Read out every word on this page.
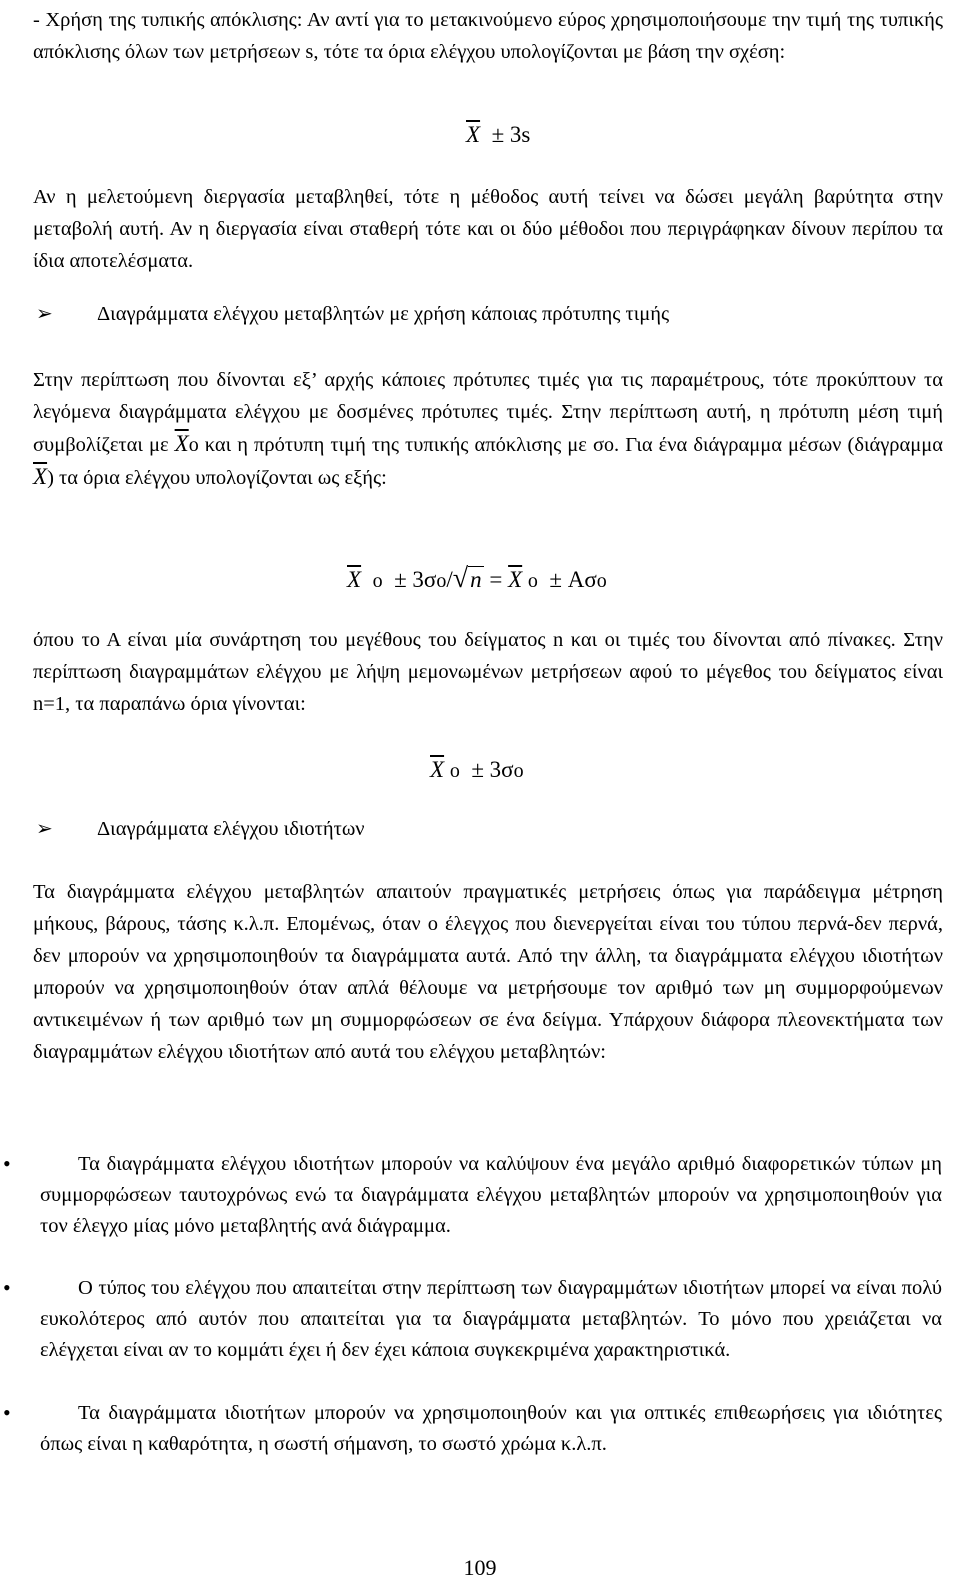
- Χρήση της τυπικής απόκλισης: Αν αντί για το μετακινούμενο εύρος χρησιμοποιήσουμε την τιμή της τυπικής απόκλισης όλων των μετρήσεων s, τότε τα όρια ελέγχου υπολογίζονται με βάση την σχέση:

$\overline{X} \pm 3s$

Αν η μελετούμενη διεργασία μεταβληθεί, τότε η μέθοδος αυτή τείνει να δώσει μεγάλη βαρύτητα στην μεταβολή αυτή. Αν η διεργασία είναι σταθερή τότε και οι δύο μέθοδοι που περιγράφηκαν δίνουν περίπου τα ίδια αποτελέσματα.

➢ Διαγράμματα ελέγχου μεταβλητών με χρήση κάποιας πρότυπης τιμής

Στην περίπτωση που δίνονται εξ’ αρχής κάποιες πρότυπες τιμές για τις παραμέτρους, τότε προκύπτουν τα λεγόμενα διαγράμματα ελέγχου με δοσμένες πρότυπες τιμές. Στην περίπτωση αυτή, η πρότυπη μέση τιμή συμβολίζεται με $\overline{X}o$ και η πρότυπη τιμή της τυπικής απόκλισης με σο. Για ένα διάγραμμα μέσων (διάγραμμα $\overline{X}$) τα όρια ελέγχου υπολογίζονται ως εξής:

$\overline{X}$ $o \pm 3\sigma o/√n = \overline{X}$ ο ± Aσο

όπου το Α είναι μία συνάρτηση του μεγέθους του δείγματος n και οι τιμές του δίνονται από πίνακες. Στην περίπτωση διαγραμμάτων ελέγχου με λήψη μεμονωμένων μετρήσεων αφού το μέγεθος του δείγματος είναι n=1, τα παραπάνω όρια γίνονται:

$\overline{X}$ ο ± 3σο
➢ Διαγράμματα ελέγχου ιδιοτήτων

Τα διαγράμματα ελέγχου μεταβλητών απαιτούν πραγματικές μετρήσεις όπως για παράδειγμα μέτρηση μήκους, βάρους, τάσης κ.λ.π. Επομένως, όταν ο έλεγχος που διενεργείται είναι του τύπου περνά-δεν περνά, δεν μπορούν να χρησιμοποιηθούν τα διαγράμματα αυτά. Από την άλλη, τα διαγράμματα ελέγχου ιδιοτήτων μπορούν να χρησιμοποιηθούν όταν απλά θέλουμε να μετρήσουμε τον αριθμό των μη συμμορφούμενων αντικειμένων ή των αριθμό των μη συμμορφώσεων σε ένα δείγμα. Υπάρχουν διάφορα πλεονεκτήματα των διαγραμμάτων ελέγχου ιδιοτήτων από αυτά του ελέγχου μεταβλητών:

•	Τα διαγράμματα ελέγχου ιδιοτήτων μπορούν να καλύψουν ένα μεγάλο αριθμό διαφορετικών τύπων μη συμμορφώσεων ταυτοχρόνως ενώ τα διαγράμματα ελέγχου μεταβλητών μπορούν να χρησιμοποιηθούν για τον έλεγχο μίας μόνο μεταβλητής ανά διάγραμμα.

•	Ο τύπος του ελέγχου που απαιτείται στην περίπτωση των διαγραμμάτων ιδιοτήτων μπορεί να είναι πολύ ευκολότερος από αυτόν που απαιτείται για τα διαγράμματα μεταβλητών. Το μόνο που χρειάζεται να ελέγχεται είναι αν το κομμάτι έχει ή δεν έχει κάποια συγκεκριμένα χαρακτηριστικά.

•	Τα διαγράμματα ιδιοτήτων μπορούν να χρησιμοποιηθούν και για οπτικές επιθεωρήσεις για ιδιότητες όπως είναι η καθαρότητα, η σωστή σήμανση, το σωστό χρώμα κ.λ.π.

109
